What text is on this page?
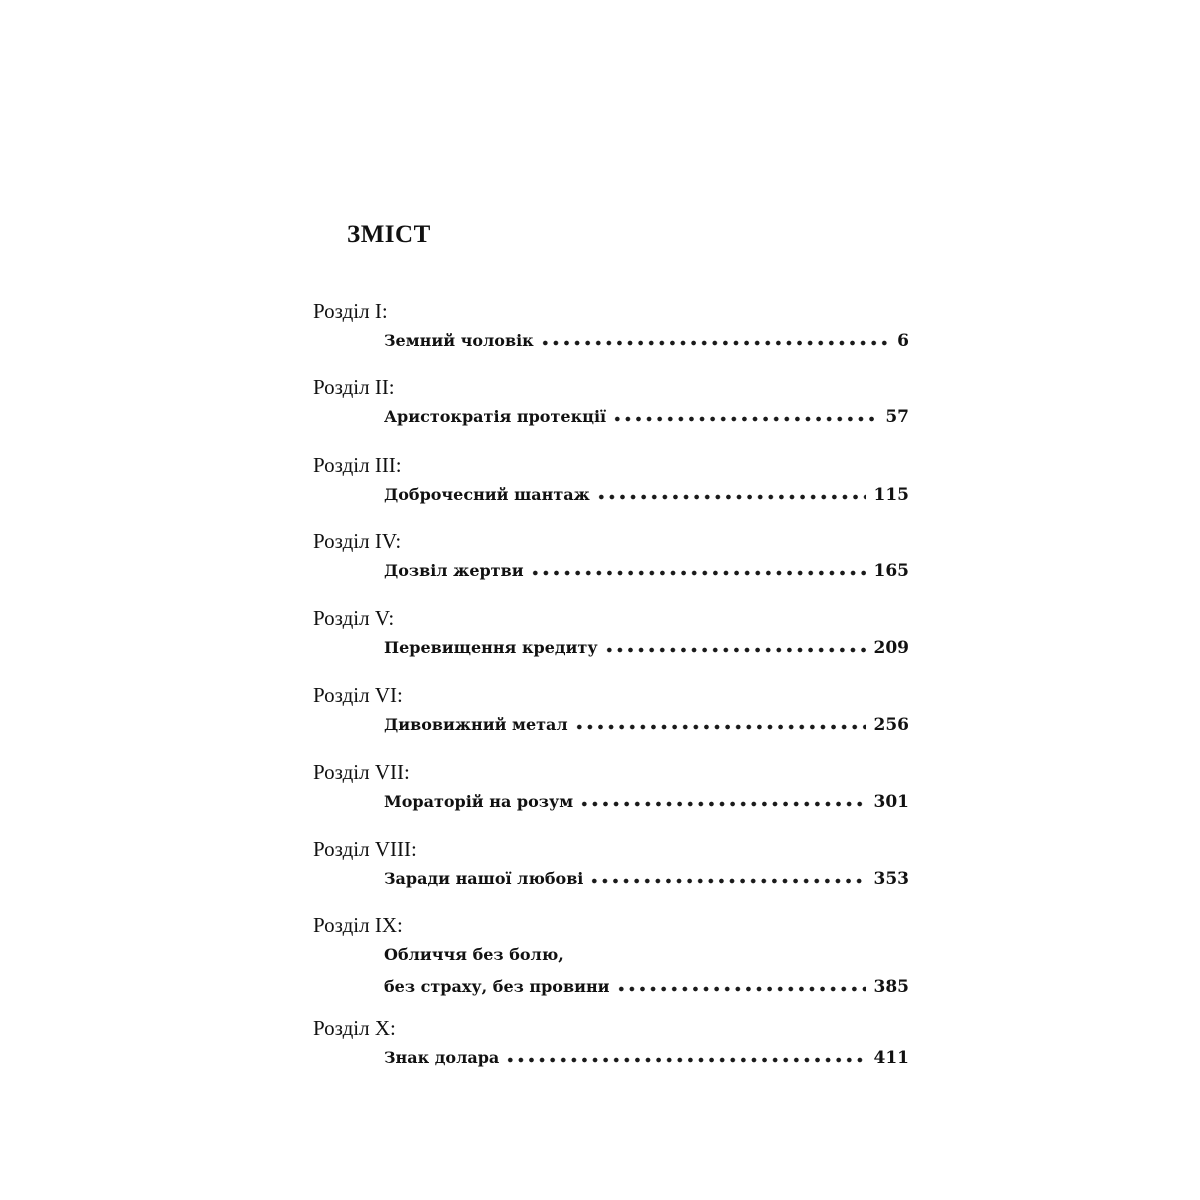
ЗМІСТ
Розділ I:
Земний чоловік	6
Розділ II:
Аристократія протекції	57
Розділ III:
Доброчесний шантаж	115
Розділ IV:
Дозвіл жертви	165
Розділ V:
Перевищення кредиту	209
Розділ VI:
Дивовижний метал	256
Розділ VII:
Мораторій на розум	301
Розділ VIII:
Заради нашої любові	353
Розділ IX:
Обличчя без болю,
без страху, без провини	385
Розділ X:
Знак долара	411
